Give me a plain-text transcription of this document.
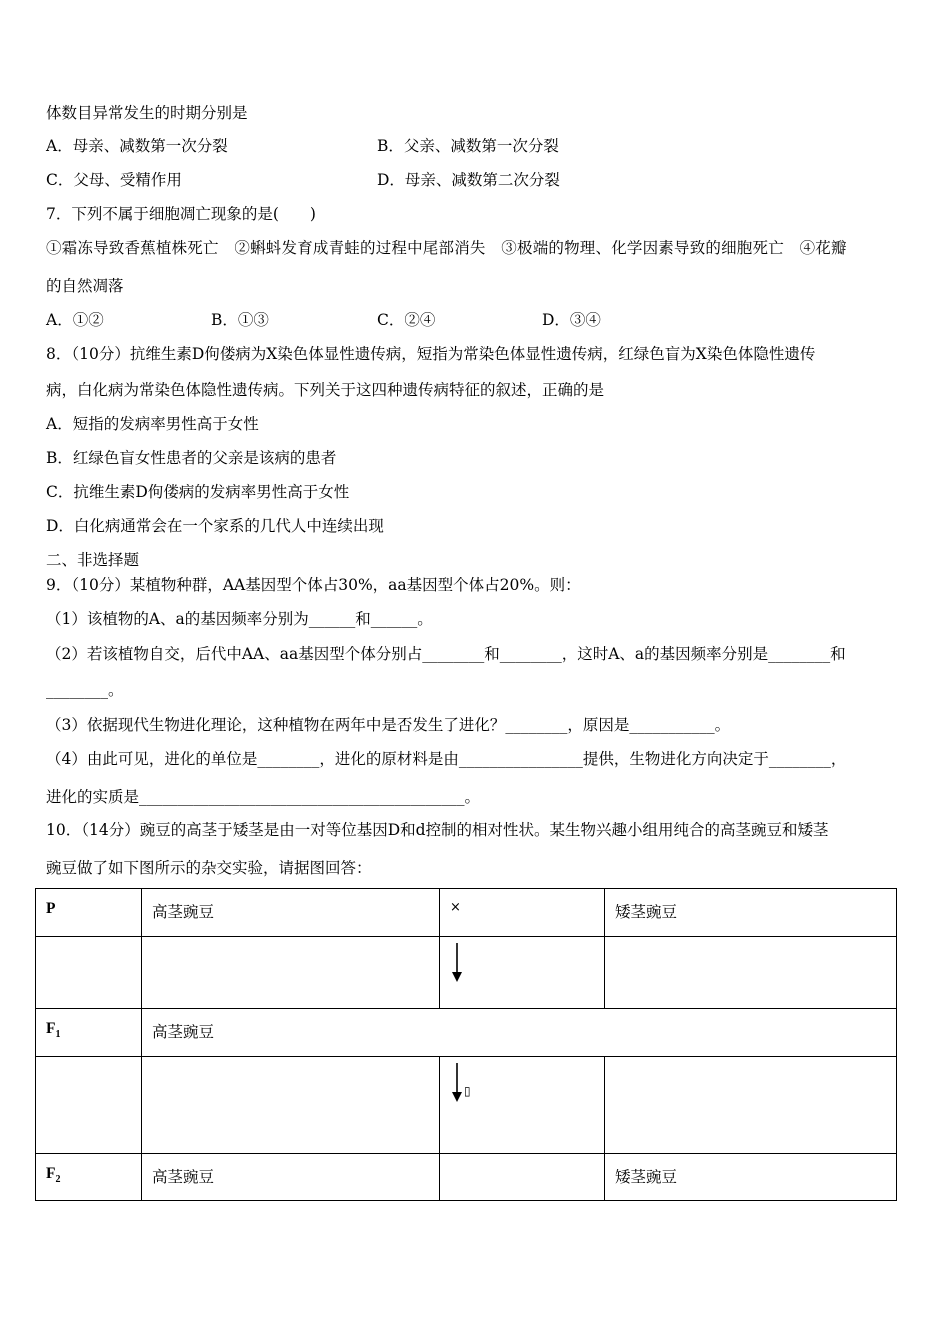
体数目异常发生的时期分别是
A．母亲、减数第一次分裂	B．父亲、减数第一次分裂
C．父母、受精作用	D．母亲、减数第二次分裂
7．下列不属于细胞凋亡现象的是(　　)
①霜冻导致香蕉植株死亡　②蝌蚪发育成青蛙的过程中尾部消失　③极端的物理、化学因素导致的细胞死亡　④花瓣
的自然凋落
A．①②	B．①③	C．②④	D．③④
8．（10分）抗维生素D佝偻病为X染色体显性遗传病，短指为常染色体显性遗传病，红绿色盲为X染色体隐性遗传
病，白化病为常染色体隐性遗传病。下列关于这四种遗传病特征的叙述，正确的是
A．短指的发病率男性高于女性
B．红绿色盲女性患者的父亲是该病的患者
C．抗维生素D佝偻病的发病率男性高于女性
D．白化病通常会在一个家系的几代人中连续出现
二、非选择题
9．（10分）某植物种群，AA基因型个体占30%，aa基因型个体占20%。则：
（1）该植物的A、a的基因频率分别为______和______。
（2）若该植物自交，后代中AA、aa基因型个体分别占________和________，这时A、a的基因频率分别是________和
________。
（3）依据现代生物进化理论，这种植物在两年中是否发生了进化？________，原因是___________。
（4）由此可见，进化的单位是________，进化的原材料是由________________提供，生物进化方向决定于________，
进化的实质是__________________________________________。
10．（14分）豌豆的高茎于矮茎是由一对等位基因D和d控制的相对性状。某生物兴趣小组用纯合的高茎豌豆和矮茎
豌豆做了如下图所示的杂交实验，请据图回答：
P	高茎豌豆	×	矮茎豌豆

$F_1$	高茎豌豆		

▯	

$F_2$	高茎豌豆		矮茎豌豆
